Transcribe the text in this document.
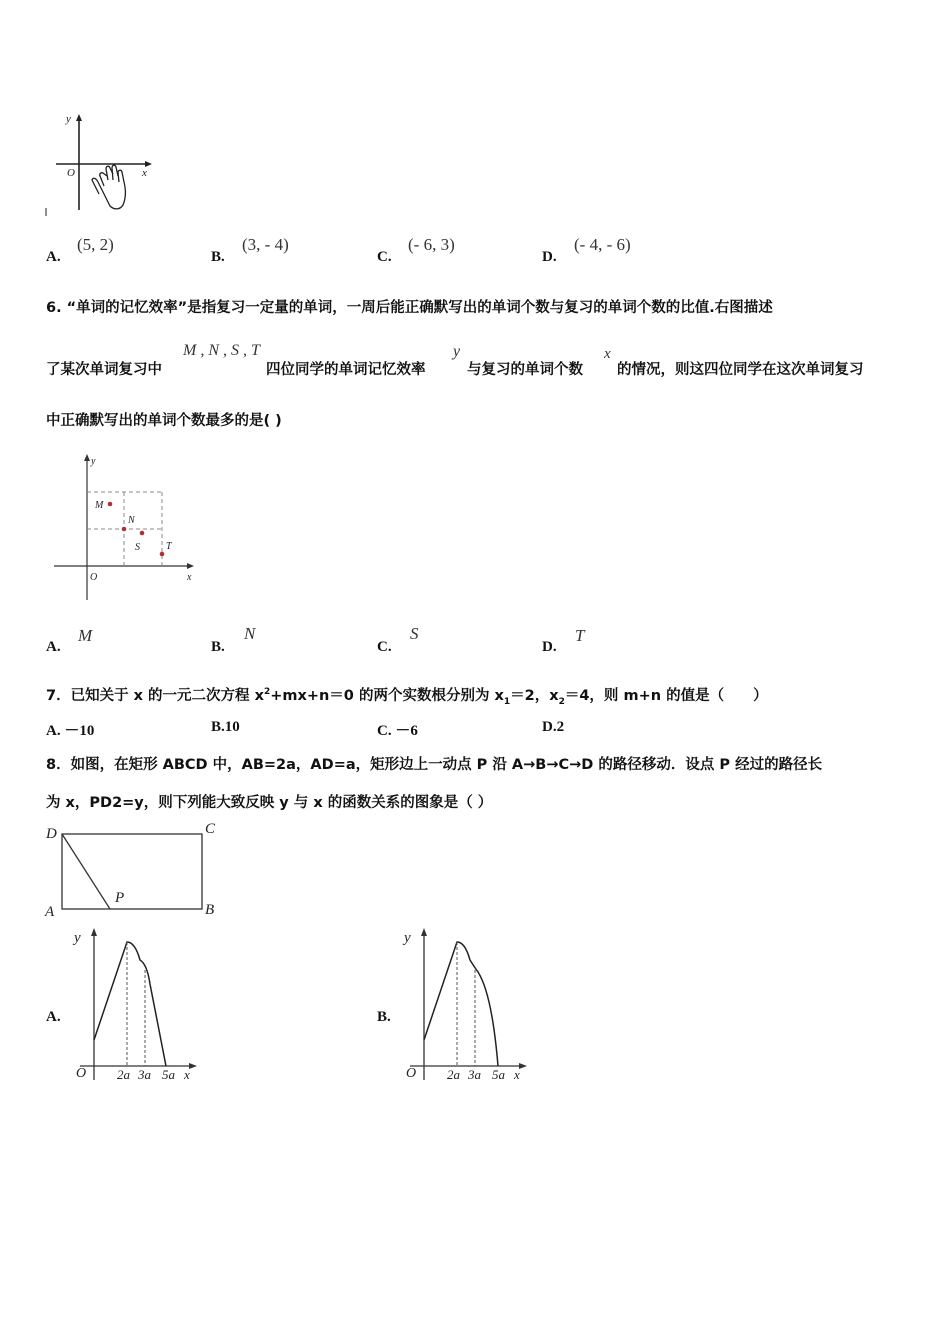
y
O	x
A.
(5, 2)
B.
(3, - 4)
C.
(- 6, 3)
D.
(- 4, - 6)
6. “单词的记忆效率”是指复习一定量的单词，一周后能正确默写出的单词个数与复习的单词个数的比值.右图描述
了某次单词复习中
M , N , S , T
四位同学的单词记忆效率
y
与复习的单词个数
x
的情况，则这四位同学在这次单词复习
中正确默写出的单词个数最多的是( )
y
x
O
M
N
S	T
A.
M
B.
N
C.
S
D.
T
7．已知关于 x 的一元二次方程 $x^2+mx+n=0$ 的两个实数根分别为 $x_1=2$，$x_2=4$，则 m+n 的值是（　　）
A. －10	B.10	C. －6	D.2
8．如图，在矩形 ABCD 中，AB=2a，AD=a，矩形边上一动点 P 沿 A→B→C→D 的路径移动．设点 P 经过的路径长
为 x，PD2=y，则下列能大致反映 y 与 x 的函数关系的图象是（ ）
D	C
A	B
P
A.
y
O 2a 3a 5a x
B.
y
O 2a 3a 5a x
